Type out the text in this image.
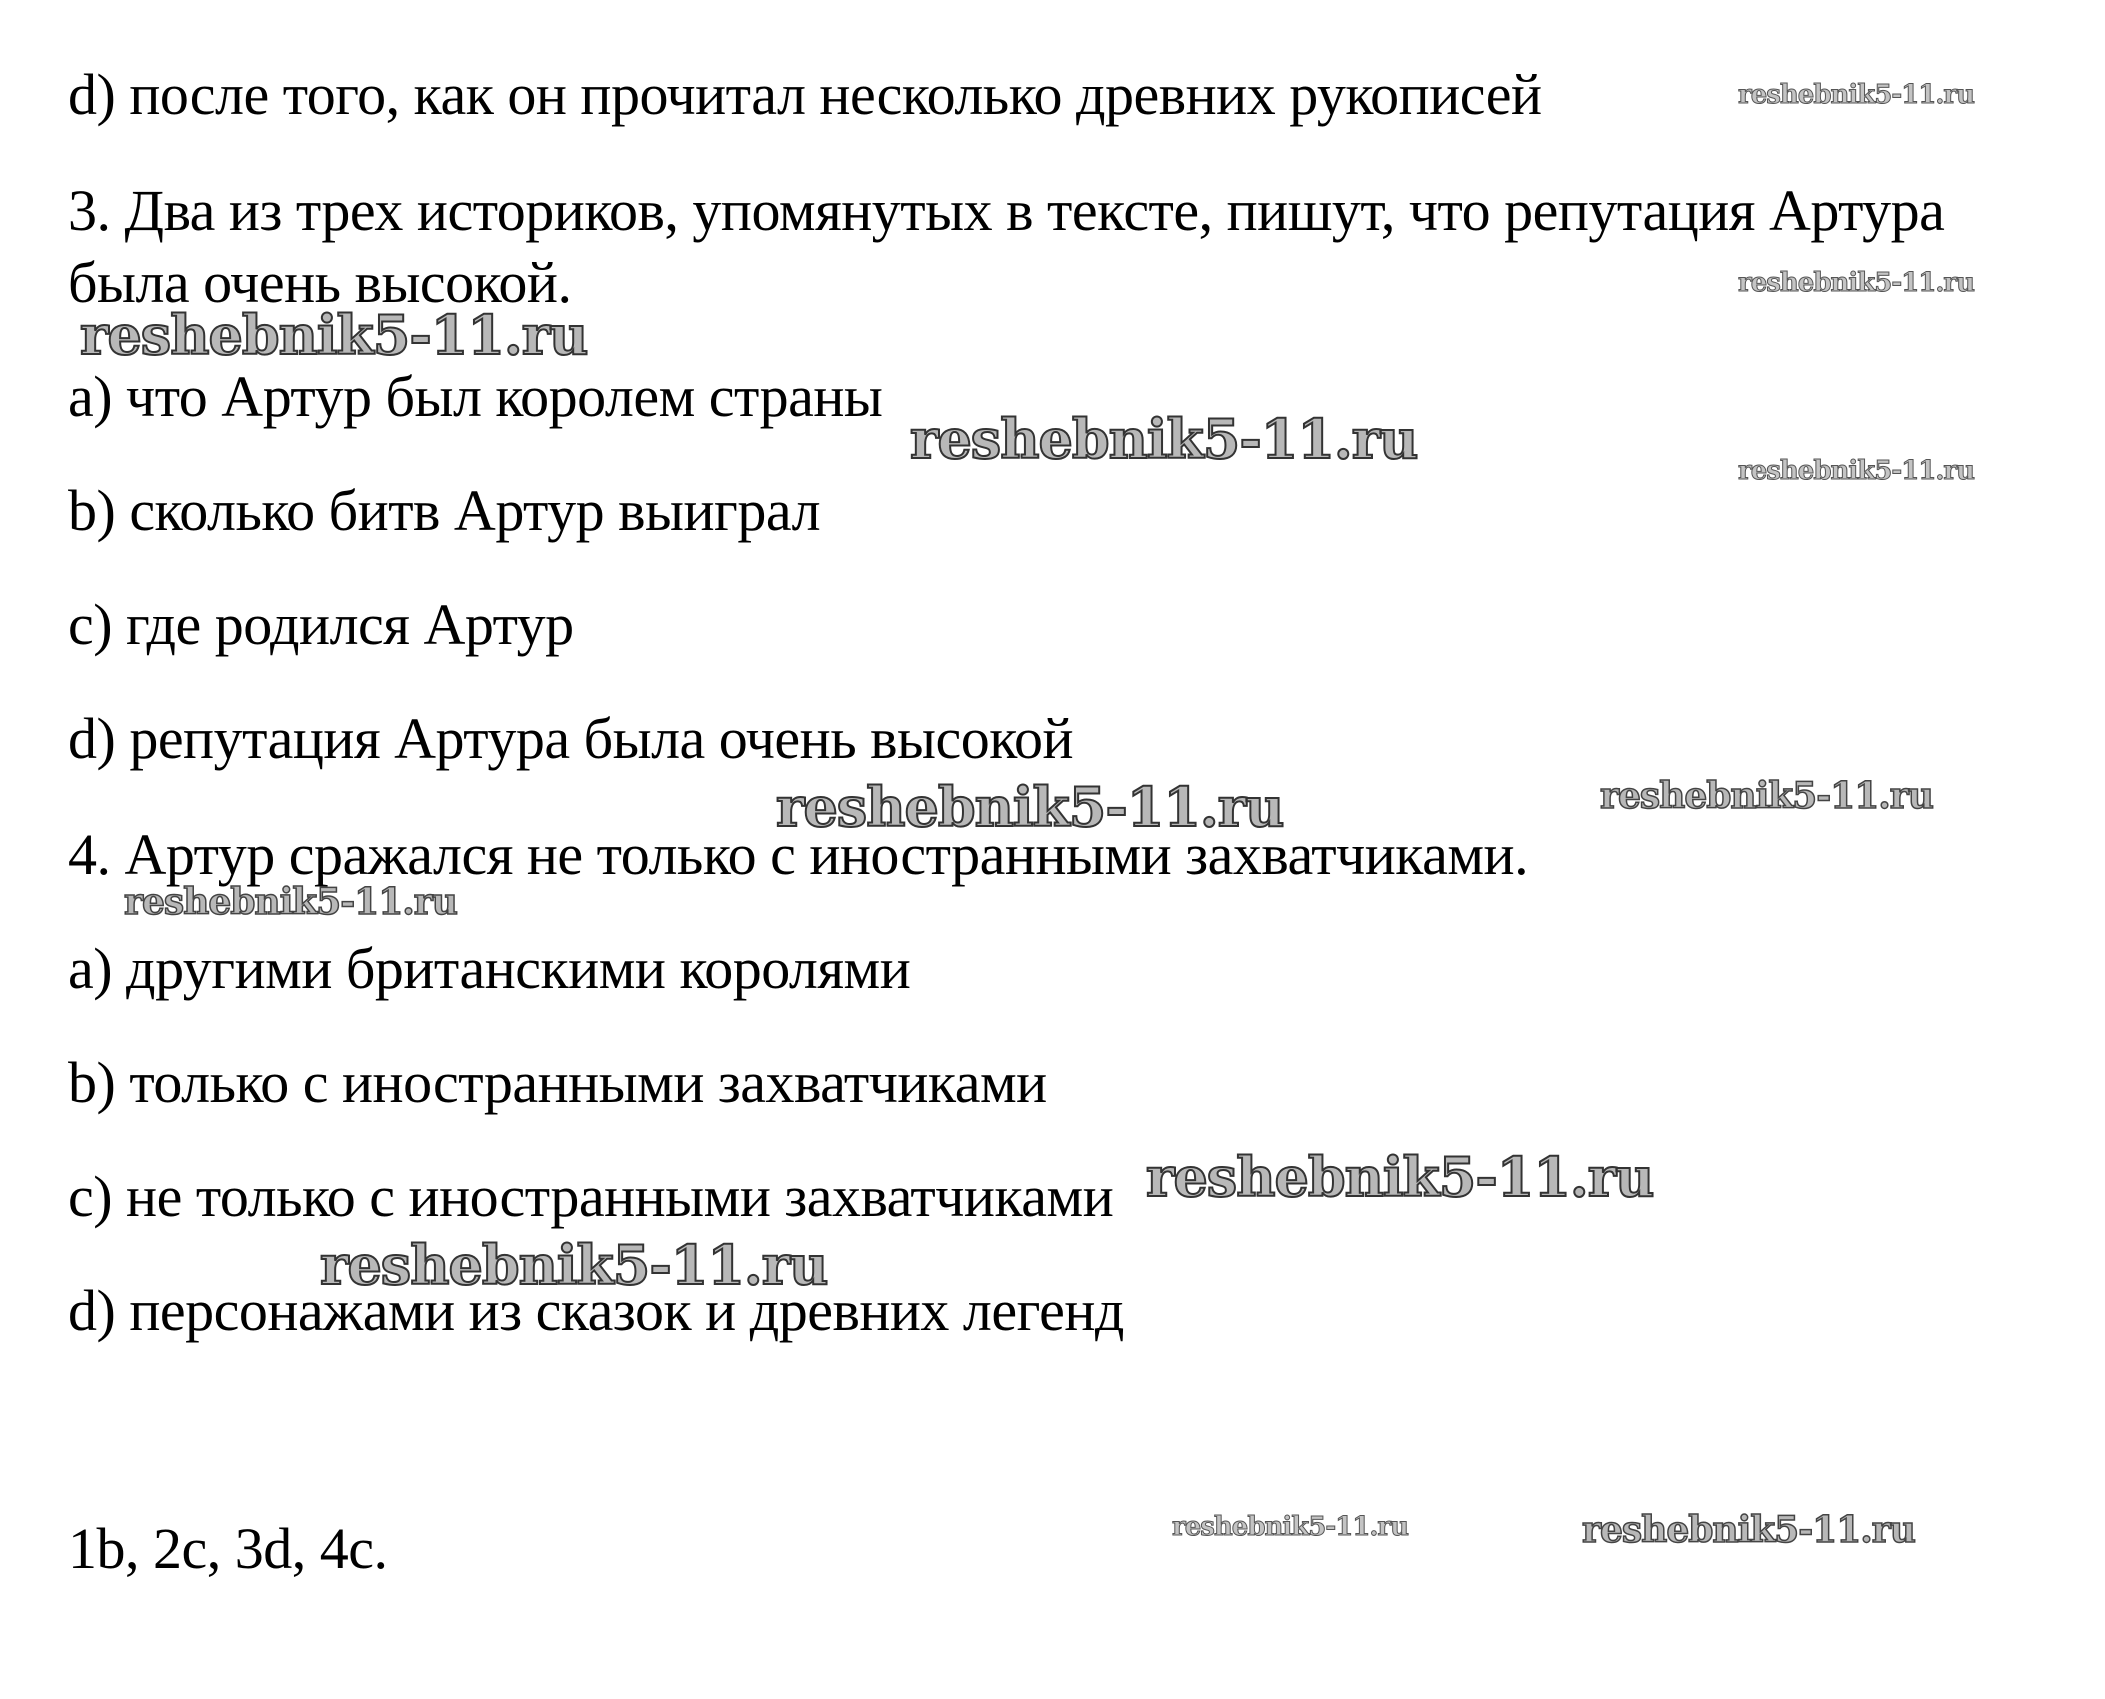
d) после того, как он прочитал несколько древних рукописей
3. Два из трех историков, упомянутых в тексте, пишут, что репутация Артура
была очень высокой.
a) что Артур был королем страны
b) сколько битв Артур выиграл
c) где родился Артур
d) репутация Артура была очень высокой
4. Артур сражался не только с иностранными захватчиками.
a) другими британскими королями
b) только с иностранными захватчиками
c) не только с иностранными захватчиками
d) персонажами из сказок и древних легенд
1b, 2c, 3d, 4c.
reshebnik5-11.ru
reshebnik5-11.ru
reshebnik5-11.ru
reshebnik5-11.ru	reshebnik5-11.ru
reshebnik5-11.ru	reshebnik5-11.ru
reshebnik5-11.ru
reshebnik5-11.ru
reshebnik5-11.ru
reshebnik5-11.ru	reshebnik5-11.ru
